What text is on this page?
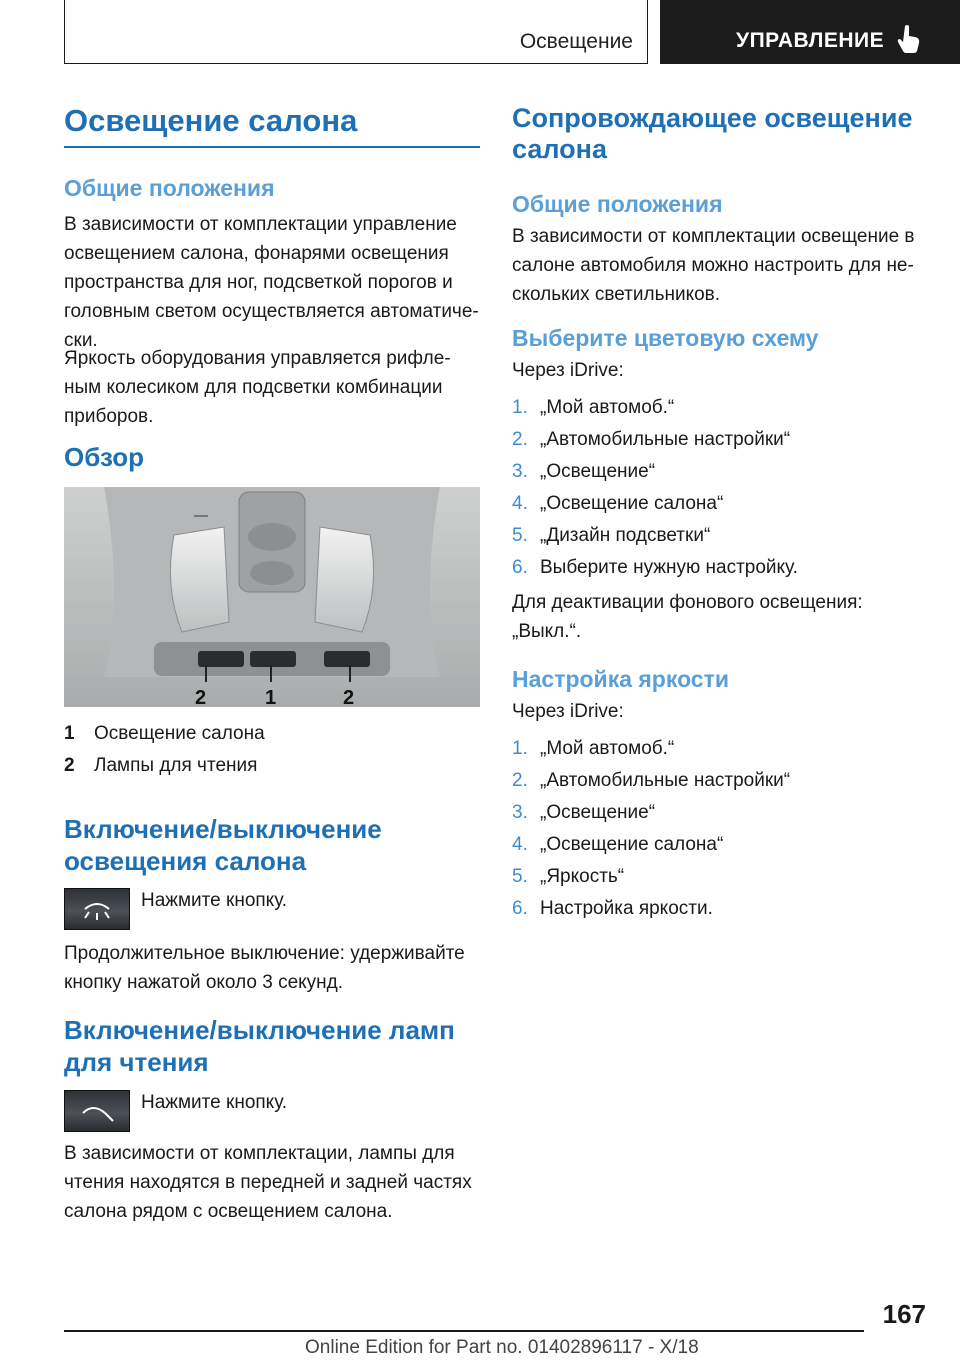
Освещение	УПРАВЛЕНИЕ
Освещение салона
Общие положения
В зависимости от комплектации управление
освещением салона, фонарями освещения
пространства для ног, подсветкой порогов и
головным светом осуществляется автоматиче-
ски.
Яркость оборудования управляется рифле-
ным колесиком для подсветки комбинации
приборов.
Обзор
2	1	2
1 Освещение салона
2 Лампы для чтения
Включение/выключение
освещения салона
Нажмите кнопку.
Продолжительное выключение: удерживайте
кнопку нажатой около 3 секунд.
Включение/выключение ламп
для чтения
Нажмите кнопку.
В зависимости от комплектации, лампы для
чтения находятся в передней и задней частях
салона рядом с освещением салона.
Сопровождающее освещение
салона
Общие положения
В зависимости от комплектации освещение в
салоне автомобиля можно настроить для не-
скольких светильников.
Выберите цветовую схему
Через iDrive:
1. „Мой автомоб.“
2. „Автомобильные настройки“
3. „Освещение“
4. „Освещение салона“
5. „Дизайн подсветки“
6. Выберите нужную настройку.
Для деактивации фонового освещения:
„Выкл.“.
Настройка яркости
Через iDrive:
1. „Мой автомоб.“
2. „Автомобильные настройки“
3. „Освещение“
4. „Освещение салона“
5. „Яркость“
6. Настройка яркости.
167
Online Edition for Part no. 01402896117 - X/18
